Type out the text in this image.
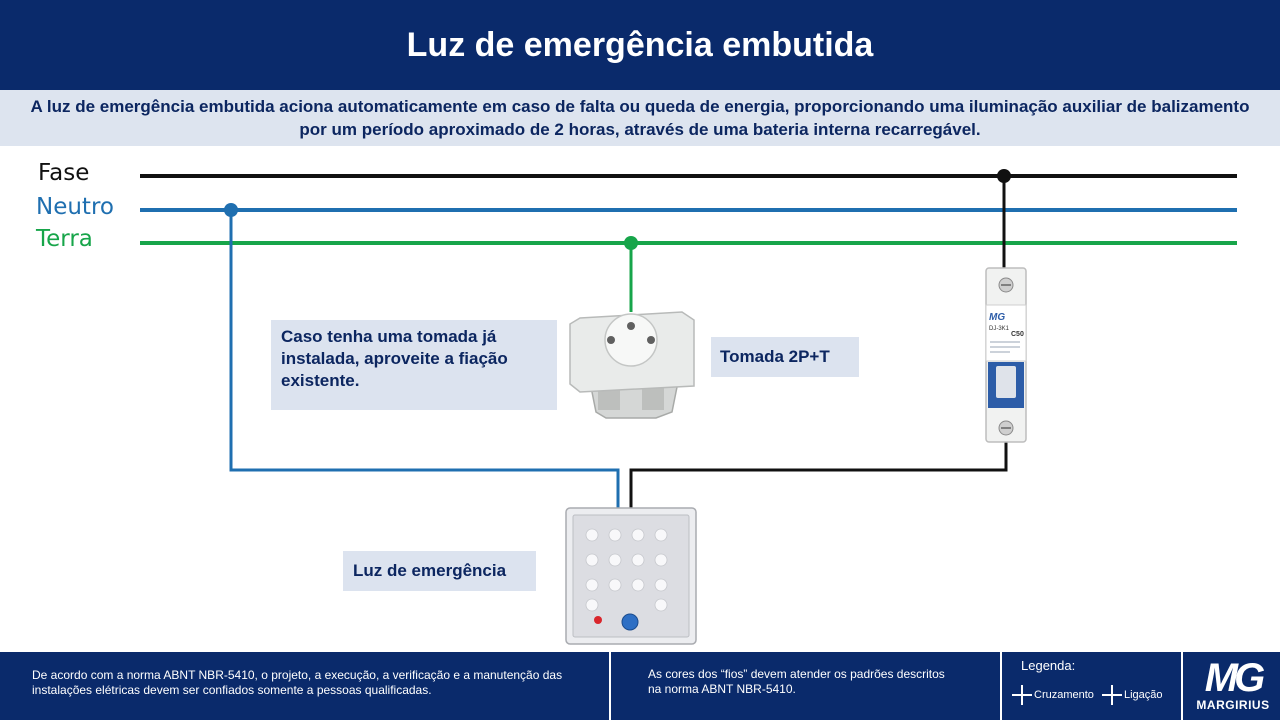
Luz de emergência embutida
A luz de emergência embutida aciona automaticamente em caso de falta ou queda de energia, proporcionando uma iluminação auxiliar de balizamento por um período aproximado de 2 horas, através de uma bateria interna recarregável.
Fase
Neutro
Terra
MG
DJ-3K1
C50
Caso tenha uma tomada já instalada, aproveite a fiação existente.
Tomada 2P+T
Luz de emergência
De acordo com a norma ABNT NBR-5410, o projeto, a execução, a verificação e a manutenção das instalações elétricas devem ser confiados somente a pessoas qualificadas.
As cores dos “fios” devem atender os padrões descritos na norma ABNT NBR-5410.
Legenda:
Cruzamento	Ligação	MG
MARGIRIUS
